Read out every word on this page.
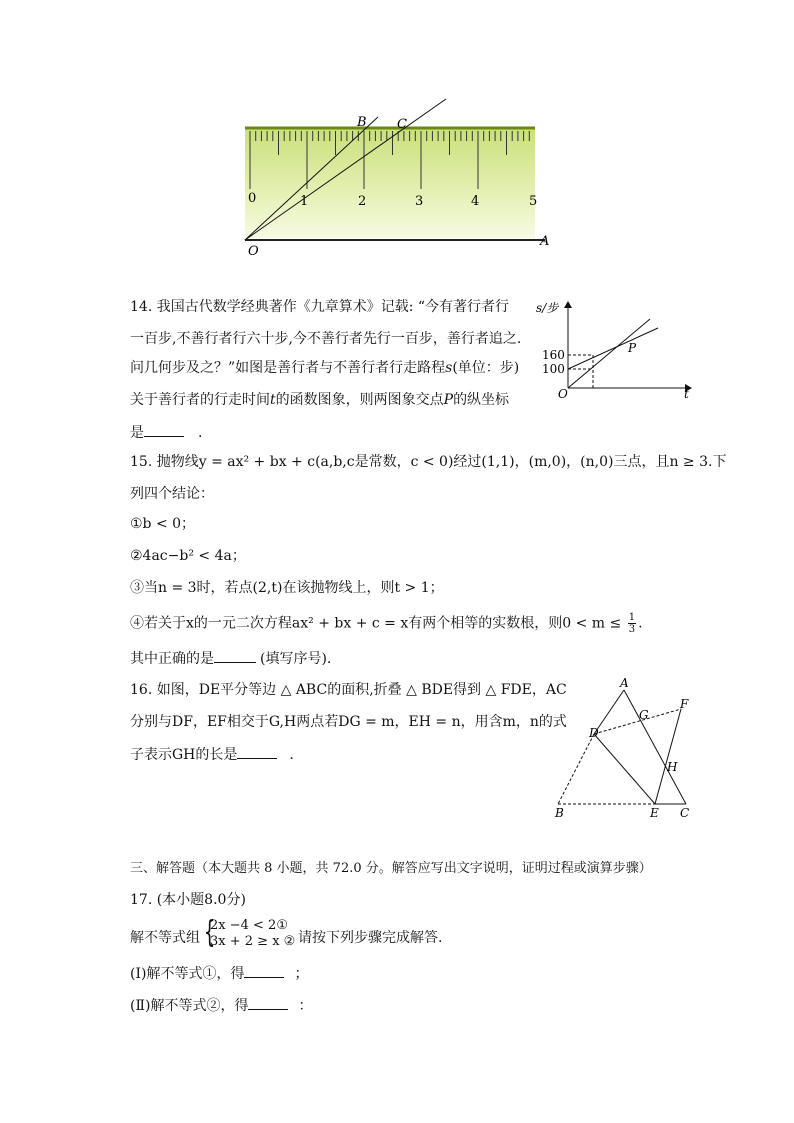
0	1	2	3	4	5
B C
O
A
14. 我国古代数学经典著作《九章算术》记载: “今有著行者行
一百步,不善行者行六十步,今不善行者先行一百步，善行者追之.
问几何步及之？”如图是善行者与不善行者行走路程s(单位：步)
关于善行者的行走时间t的函数图象，则两图象交点P的纵坐标
是	.
s/步
t
O
160
100
P
15. 抛物线y = ax² + bx + c(a,b,c是常数，c < 0)经过(1,1)，(m,0)，(n,0)三点，且n ≥ 3.下
列四个结论：
①b < 0；
②4ac−b² < 4a；
③当n = 3时，若点(2,t)在该抛物线上，则t > 1；
④若关于x的一元二次方程ax² + bx + c = x有两个相等的实数根，则$0 < m \le \frac{1}{3}$ .
其中正确的是	(填写序号).
16. 如图，DE平分等边 △ ABC的面积,折叠 △ BDE得到 △ FDE，AC
分别与DF，EF相交于G,H两点若DG = m，EH = n，用含m，n的式
子表示GH的长是	.
A
F
G
D
H
B	E C
三、解答题（本大题共 8 小题，共 72.0 分。解答应写出文字说明，证明过程或演算步骤）
17. (本小题8.0分)
解不等式组 {
2x −4 < 2①
3x + 2 ≥ x ② 请按下列步骤完成解答.
(Ⅰ)解不等式①，得	；
(Ⅱ)解不等式②，得	：
